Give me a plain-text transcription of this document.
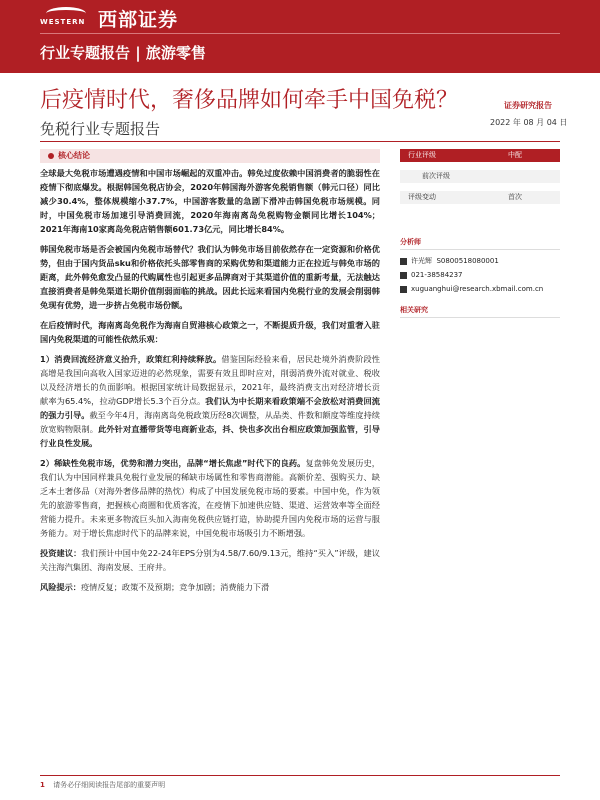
WESTERN 西部证券
行业专题报告 | 旅游零售
后疫情时代，奢侈品牌如何牵手中国免税？	证券研究报告
免税行业专题报告	2022 年 08 月 04 日
核心结论

全球最大免税市场遭遇疫情和中国市场崛起的双重冲击。韩免过度依赖中国消费者的脆弱性在疫情下彻底爆发。根据韩国免税店协会，2020年韩国海外游客免税销售额（韩元口径）同比减少30.4%，整体规模缩小37.7%，中国游客数量的急剧下滑冲击韩国免税市场规模。同时，中国免税市场加速引导消费回流，2020年海南离岛免税购物金额同比增长104%；2021年海南10家离岛免税店销售额601.73亿元，同比增长84%。

韩国免税市场是否会被国内免税市场替代？我们认为韩免市场目前依然存在一定资源和价格优势，但由于国内货品sku和价格依托头部零售商的采购优势和渠道能力正在拉近与韩免市场的距离，此外韩免愈发凸显的代购属性也引起更多品牌商对于其渠道价值的重新考量，无法触达直接消费者是韩免渠道长期价值削弱面临的挑战。因此长远来看国内免税行业的发展会削弱韩免现有优势，进一步挤占免税市场份额。

在后疫情时代，海南离岛免税作为海南自贸港核心政策之一，不断提质升级，我们对重奢入驻国内免税渠道的可能性依然乐观：

1）消费回流经济意义抬升，政策红利持续释放。借鉴国际经验来看，居民赴境外消费阶段性高增是我国向高收入国家迈进的必然现象，需要有效且即时应对，削弱消费外流对就业、税收以及经济增长的负面影响。根据国家统计局数据显示，2021年，最终消费支出对经济增长贡献率为65.4%，拉动GDP增长5.3个百分点。我们认为中长期来看政策端不会放松对消费回流的强力引导。截至今年4月，海南离岛免税政策历经8次调整，从品类、件数和额度等维度持续放宽购物限制。此外针对直播带货等电商新业态，抖、快也多次出台相应政策加强监管，引导行业良性发展。

2）稀缺性免税市场，优势和潜力突出，品牌“增长焦虑”时代下的良药。复盘韩免发展历史，我们认为中国同样兼具免税行业发展的稀缺市场属性和零售商潜能。高额价差、强购买力、缺乏本土奢侈品（对海外奢侈品牌的热忱）构成了中国发展免税市场的要素。中国中免，作为领先的旅游零售商，把握核心商圈和优质客流，在疫情下加速供应链、渠道、运营效率等全面经营能力提升。未来更多物流巨头加入海南免税供应链打造，协助提升国内免税市场的运营与服务能力。对于增长焦虑时代下的品牌来说，中国免税市场吸引力不断增强。

投资建议：我们预计中国中免22-24年EPS分别为4.58/7.60/9.13元，维持“买入”评级，建议关注海汽集团、海南发展、王府井。

风险提示：疫情反复；政策不及预期；竞争加剧；消费能力下滑

行业评级	中配
前次评级
评级变动	首次
分析师
许光辉 S0800518080001
021-38584237
xuguanghui@research.xbmail.com.cn
相关研究
1 请务必仔细阅读报告尾部的重要声明
